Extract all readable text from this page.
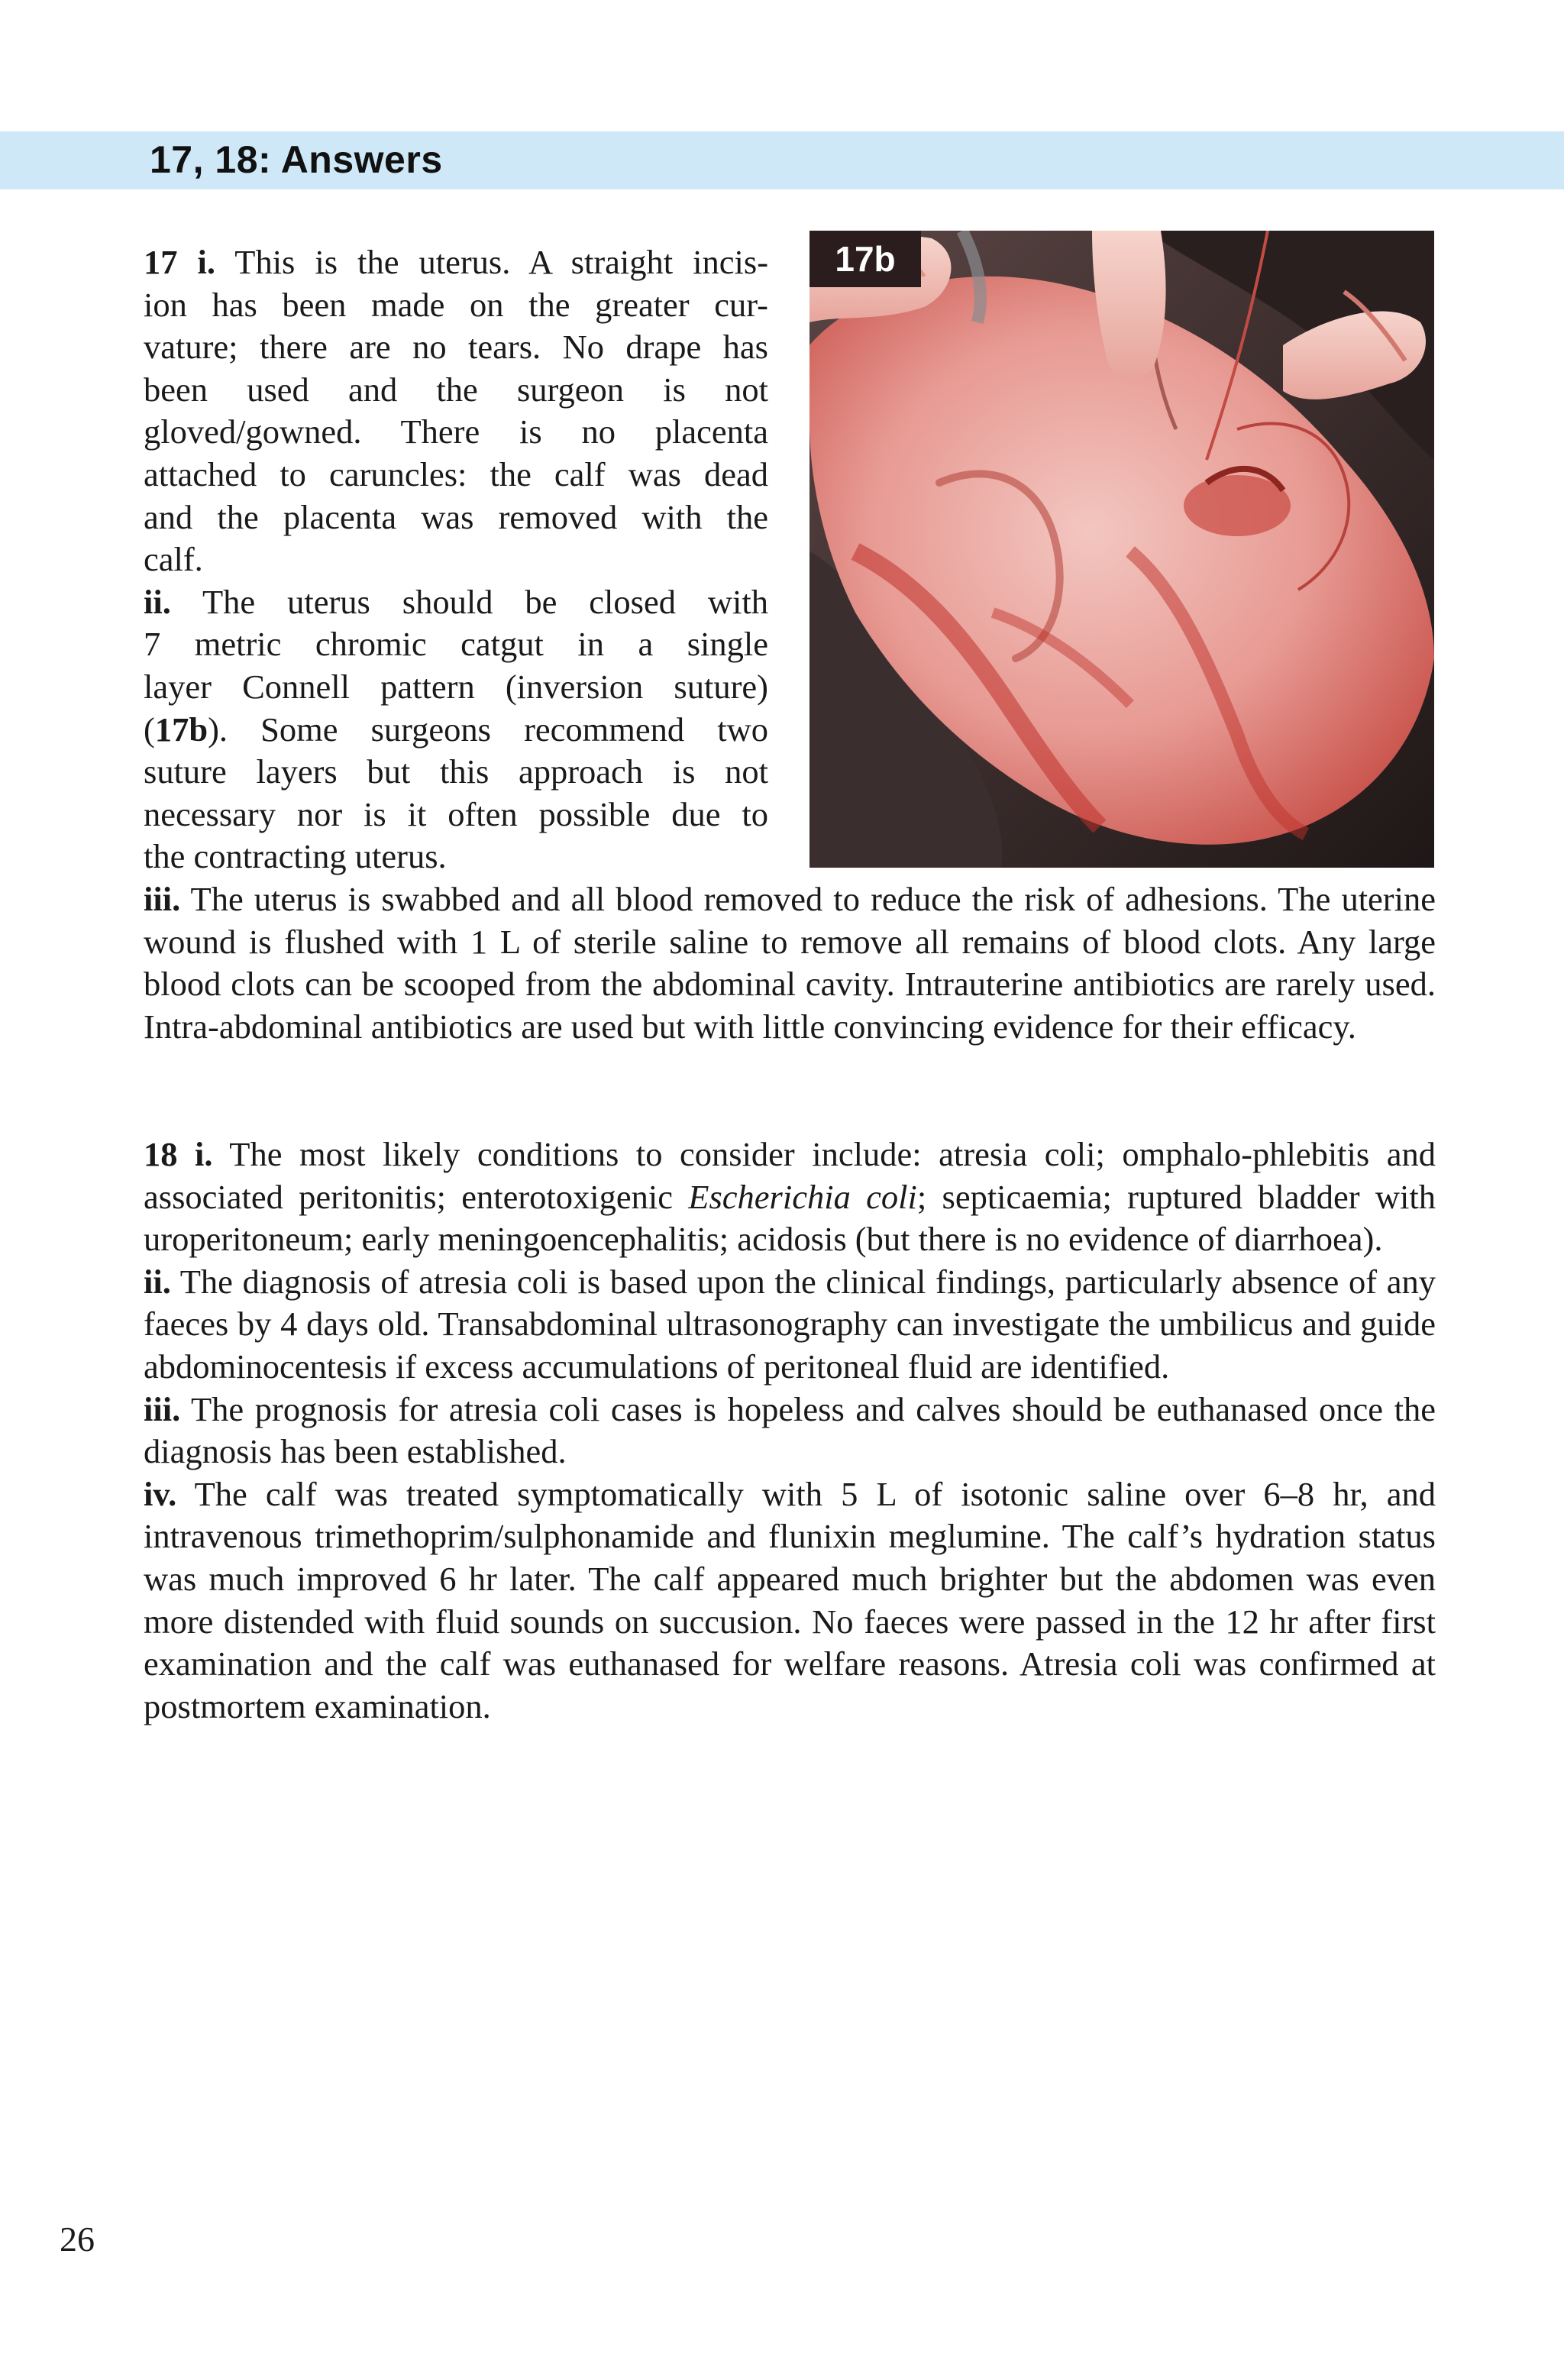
17, 18: Answers
17 i. This is the uterus. A straight incis-
ion has been made on the greater cur-
vature; there are no tears. No drape has
been used and the surgeon is not
gloved/gowned. There is no placenta
attached to caruncles: the calf was dead
and the placenta was removed with the
calf.
ii. The uterus should be closed with
7 metric chromic catgut in a single
layer Connell pattern (inversion suture)
(17b). Some surgeons recommend two
suture layers but this approach is not
necessary nor is it often possible due to
the contracting uterus.
17b

iii. The uterus is swabbed and all blood removed to reduce the risk of adhesions. The uterine wound is flushed with 1 L of sterile saline to remove all remains of blood clots. Any large blood clots can be scooped from the abdominal cavity. Intrauterine antibiotics are rarely used. Intra-abdominal antibiotics are used but with little convincing evidence for their efficacy.

18 i. The most likely conditions to consider include: atresia coli; omphalo-phlebitis and associated peritonitis; enterotoxigenic Escherichia coli; septicaemia; ruptured bladder with uroperitoneum; early meningoencephalitis; acidosis (but there is no evidence of diarrhoea).

ii. The diagnosis of atresia coli is based upon the clinical findings, particularly absence of any faeces by 4 days old. Transabdominal ultrasonography can investigate the umbilicus and guide abdominocentesis if excess accumulations of peritoneal fluid are identified.

iii. The prognosis for atresia coli cases is hopeless and calves should be euthanased once the diagnosis has been established.

iv. The calf was treated symptomatically with 5 L of isotonic saline over 6–8 hr, and intravenous trimethoprim/sulphonamide and flunixin meglumine. The calf’s hydration status was much improved 6 hr later. The calf appeared much brighter but the abdomen was even more distended with fluid sounds on succusion. No faeces were passed in the 12 hr after first examination and the calf was euthanased for welfare reasons. Atresia coli was confirmed at postmortem examination.

26
